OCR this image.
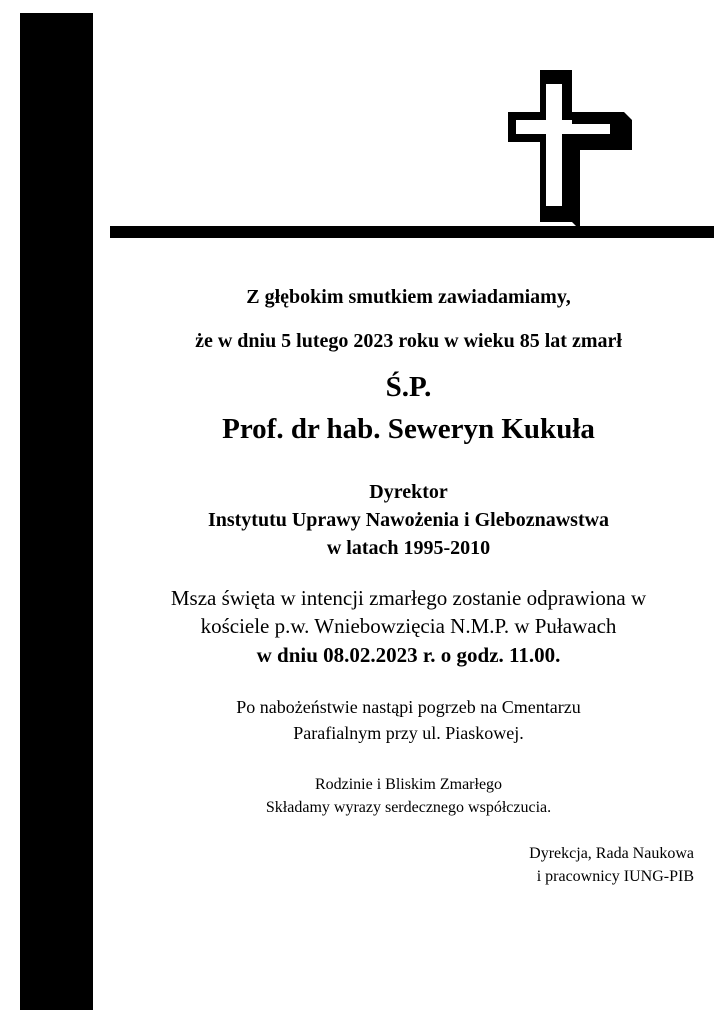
Z głębokim smutkiem zawiadamiamy,
że w dniu 5 lutego 2023 roku w wieku 85 lat zmarł
Ś.P.
Prof. dr hab. Seweryn Kukuła
Dyrektor
Instytutu Uprawy Nawożenia i Gleboznawstwa
w latach 1995-2010
Msza święta w intencji zmarłego zostanie odprawiona w
kościele p.w. Wniebowzięcia N.M.P. w Puławach
w dniu 08.02.2023 r. o godz. 11.00.
Po nabożeństwie nastąpi pogrzeb na Cmentarzu
Parafialnym przy ul. Piaskowej.
Rodzinie i Bliskim Zmarłego
Składamy wyrazy serdecznego współczucia.
Dyrekcja, Rada Naukowa
i pracownicy IUNG-PIB
